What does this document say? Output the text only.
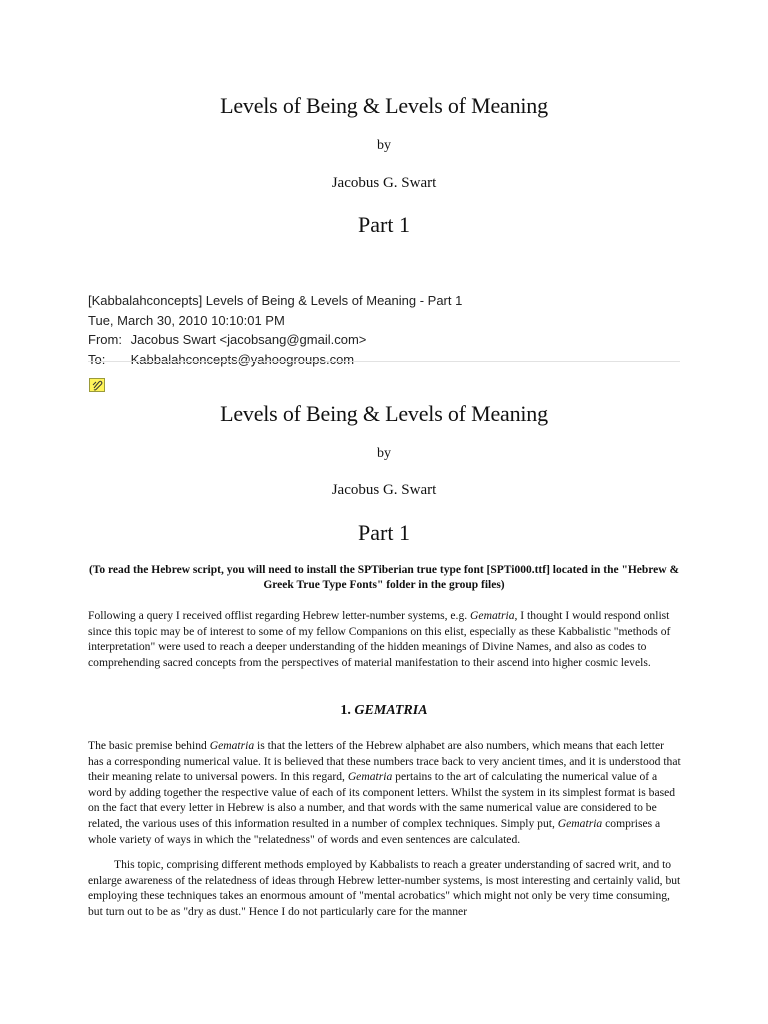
Levels of Being & Levels of Meaning
by
Jacobus G. Swart
Part 1
[Kabbalahconcepts] Levels of Being & Levels of Meaning - Part 1
Tue, March 30, 2010 10:10:01 PM
From: Jacobus Swart <jacobsang@gmail.com>
To: Kabbalahconcepts@yahoogroups.com
Levels of Being & Levels of Meaning
by
Jacobus G. Swart
Part 1
(To read the Hebrew script, you will need to install the SPTiberian true type font [SPTi000.ttf] located in the "Hebrew & Greek True Type Fonts" folder in the group files)
Following a query I received offlist regarding Hebrew letter-number systems, e.g. Gematria, I thought I would respond onlist since this topic may be of interest to some of my fellow Companions on this elist, especially as these Kabbalistic "methods of interpretation" were used to reach a deeper understanding of the hidden meanings of Divine Names, and also as codes to comprehending sacred concepts from the perspectives of material manifestation to their ascend into higher cosmic levels.
1. GEMATRIA
The basic premise behind Gematria is that the letters of the Hebrew alphabet are also numbers, which means that each letter has a corresponding numerical value. It is believed that these numbers trace back to very ancient times, and it is understood that their meaning relate to universal powers. In this regard, Gematria pertains to the art of calculating the numerical value of a word by adding together the respective value of each of its component letters. Whilst the system in its simplest format is based on the fact that every letter in Hebrew is also a number, and that words with the same numerical value are considered to be related, the various uses of this information resulted in a number of complex techniques. Simply put, Gematria comprises a whole variety of ways in which the "relatedness" of words and even sentences are calculated.
This topic, comprising different methods employed by Kabbalists to reach a greater understanding of sacred writ, and to enlarge awareness of the relatedness of ideas through Hebrew letter-number systems, is most interesting and certainly valid, but employing these techniques takes an enormous amount of "mental acrobatics" which might not only be very time consuming, but turn out to be as "dry as dust." Hence I do not particularly care for the manner
